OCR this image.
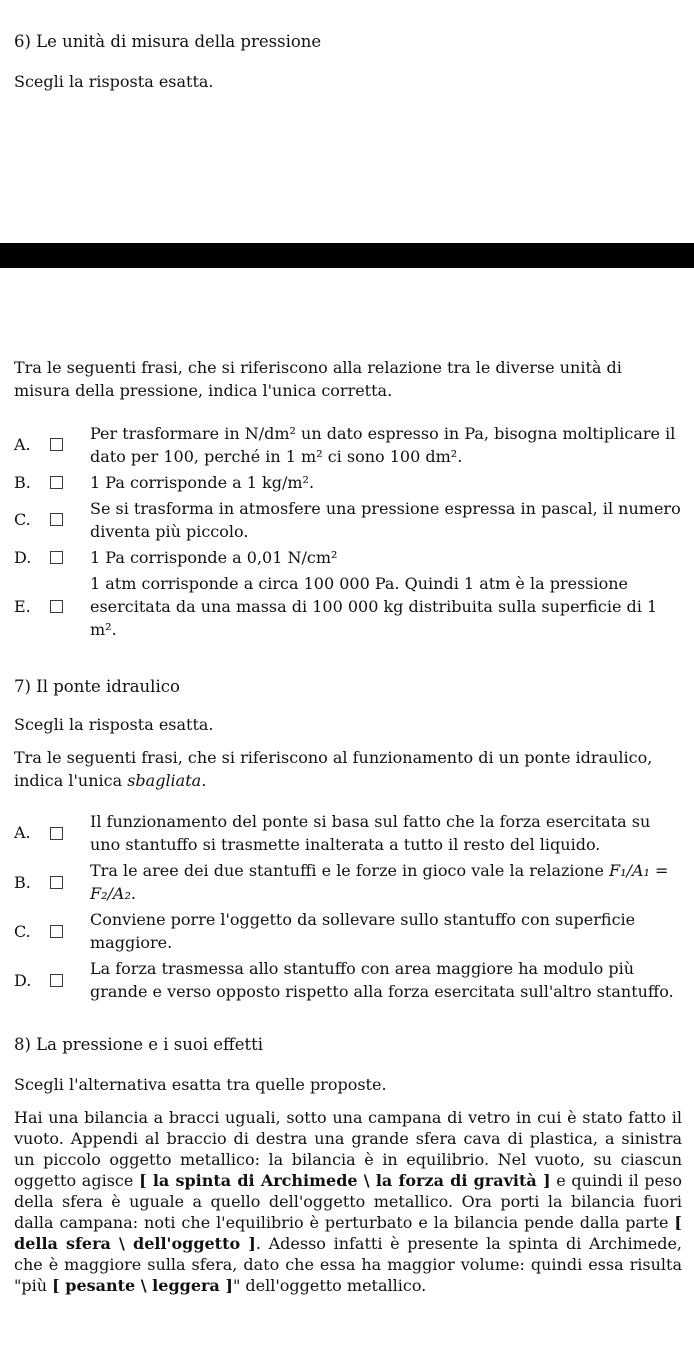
6) Le unità di misura della pressione

Scegli la risposta esatta.

Tra le seguenti frasi, che si riferiscono alla relazione tra le diverse unità di misura della pressione, indica l'unica corretta.

A.
Per trasformare in N/dm² un dato espresso in Pa, bisogna moltiplicare il dato per 100, perché in 1 m² ci sono 100 dm².
B.	1 Pa corrisponde a 1 kg/m².
C.
Se si trasforma in atmosfere una pressione espressa in pascal, il numero diventa più piccolo.
D.	1 Pa corrisponde a 0,01 N/cm²
E.
1 atm corrisponde a circa 100 000 Pa. Quindi 1 atm è la pressione esercitata da una massa di 100 000 kg distribuita sulla superficie di 1 m².
7) Il ponte idraulico

Scegli la risposta esatta.

Tra le seguenti frasi, che si riferiscono al funzionamento di un ponte idraulico, indica l'unica sbagliata.

A.
Il funzionamento del ponte si basa sul fatto che la forza esercitata su uno stantuffo si trasmette inalterata a tutto il resto del liquido.
B.
Tra le aree dei due stantuffi e le forze in gioco vale la relazione F₁/A₁ = F₂/A₂.
C.
Conviene porre l'oggetto da sollevare sullo stantuffo con superficie maggiore.
D.
La forza trasmessa allo stantuffo con area maggiore ha modulo più grande e verso opposto rispetto alla forza esercitata sull'altro stantuffo.
8) La pressione e i suoi effetti

Scegli l'alternativa esatta tra quelle proposte.

Hai una bilancia a bracci uguali, sotto una campana di vetro in cui è stato fatto il vuoto. Appendi al braccio di destra una grande sfera cava di plastica, a sinistra un piccolo oggetto metallico: la bilancia è in equilibrio. Nel vuoto, su ciascun oggetto agisce [ la spinta di Archimede \ la forza di gravità ] e quindi il peso della sfera è uguale a quello dell'oggetto metallico. Ora porti la bilancia fuori dalla campana: noti che l'equilibrio è perturbato e la bilancia pende dalla parte [ della sfera \ dell'oggetto ]. Adesso infatti è presente la spinta di Archimede, che è maggiore sulla sfera, dato che essa ha maggior volume: quindi essa risulta "più [ pesante \ leggera ]" dell'oggetto metallico.
